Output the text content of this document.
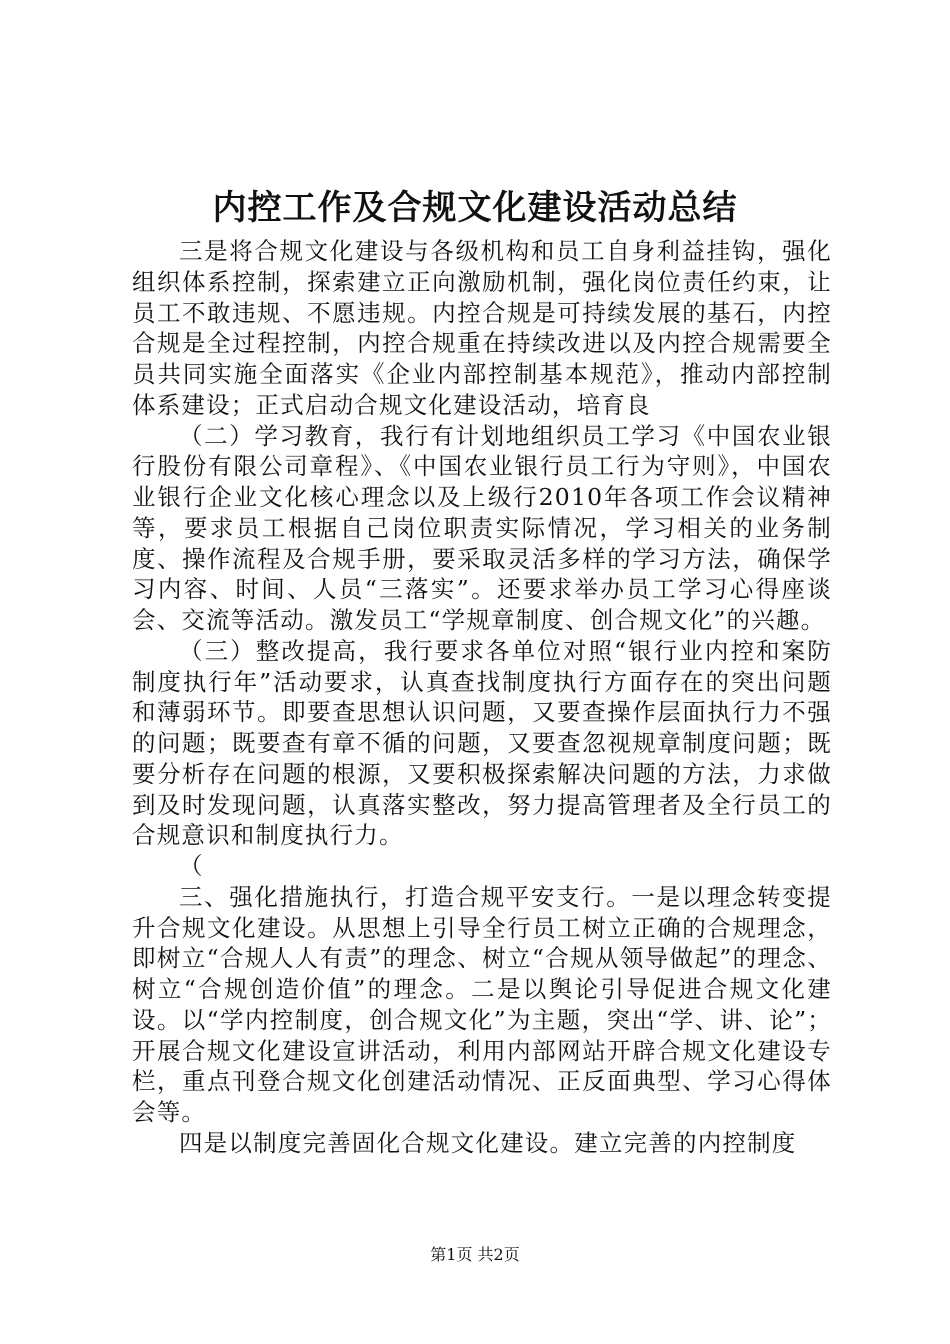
内控工作及合规文化建设活动总结

三是将合规文化建设与各级机构和员工自身利益挂钩，强化组织体系控制，探索建立正向激励机制，强化岗位责任约束，让员工不敢违规、不愿违规。内控合规是可持续发展的基石，内控合规是全过程控制，内控合规重在持续改进以及内控合规需要全员共同实施全面落实《企业内部控制基本规范》，推动内部控制体系建设；正式启动合规文化建设活动，培育良

（二）学习教育，我行有计划地组织员工学习《中国农业银行股份有限公司章程》、《中国农业银行员工行为守则》，中国农业银行企业文化核心理念以及上级行2010年各项工作会议精神等，要求员工根据自己岗位职责实际情况，学习相关的业务制度、操作流程及合规手册，要采取灵活多样的学习方法，确保学习内容、时间、人员“三落实”。还要求举办员工学习心得座谈会、交流等活动。激发员工“学规章制度、创合规文化”的兴趣。

（三）整改提高，我行要求各单位对照“银行业内控和案防制度执行年”活动要求，认真查找制度执行方面存在的突出问题和薄弱环节。即要查思想认识问题，又要查操作层面执行力不强的问题；既要查有章不循的问题，又要查忽视规章制度问题；既要分析存在问题的根源，又要积极探索解决问题的方法，力求做到及时发现问题，认真落实整改，努力提高管理者及全行员工的合规意识和制度执行力。

（

三、强化措施执行，打造合规平安支行。一是以理念转变提升合规文化建设。从思想上引导全行员工树立正确的合规理念，即树立“合规人人有责”的理念、树立“合规从领导做起”的理念、树立“合规创造价值”的理念。二是以舆论引导促进合规文化建设。以“学内控制度，创合规文化”为主题，突出“学、讲、论”；开展合规文化建设宣讲活动，利用内部网站开辟合规文化建设专栏，重点刊登合规文化创建活动情况、正反面典型、学习心得体会等。

四是以制度完善固化合规文化建设。建立完善的内控制度

第1页 共2页
